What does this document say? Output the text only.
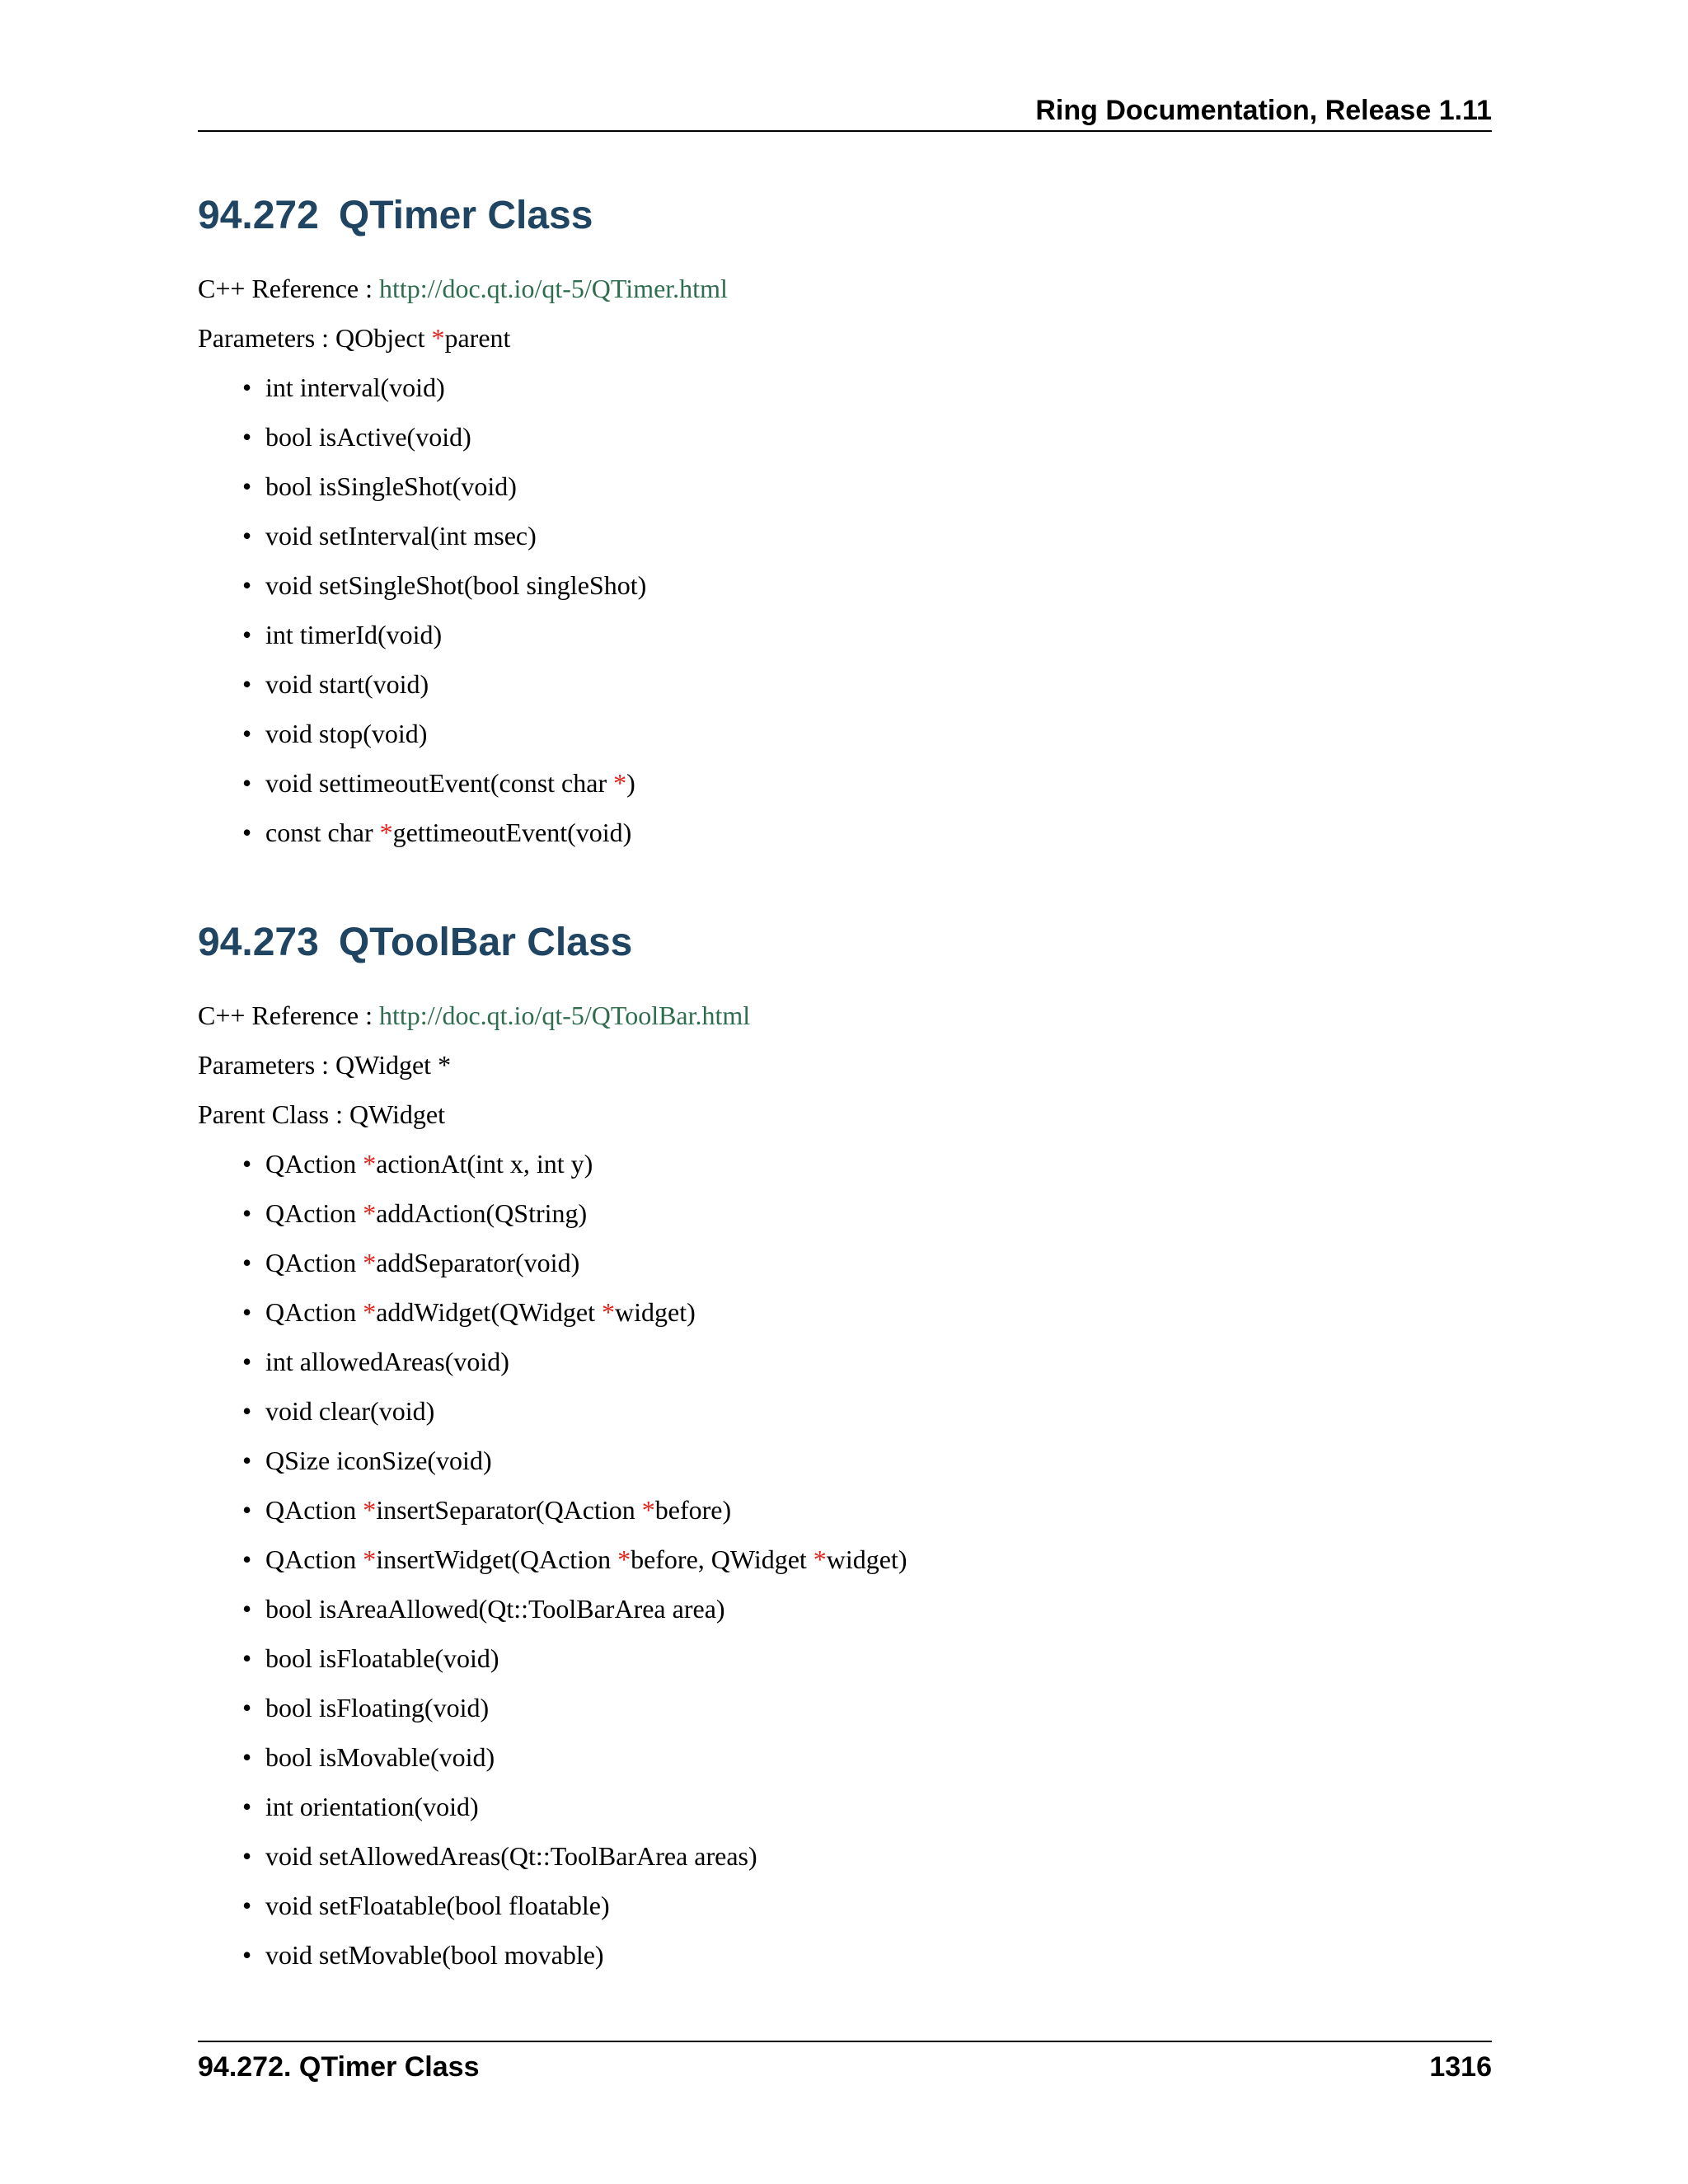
Ring Documentation, Release 1.11
94.272 QTimer Class

C++ Reference : http://doc.qt.io/qt-5/QTimer.html

Parameters : QObject *parent

• int interval(void)
• bool isActive(void)
• bool isSingleShot(void)
• void setInterval(int msec)
• void setSingleShot(bool singleShot)
• int timerId(void)
• void start(void)
• void stop(void)
• void settimeoutEvent(const char *)
• const char *gettimeoutEvent(void)
94.273 QToolBar Class

C++ Reference : http://doc.qt.io/qt-5/QToolBar.html

Parameters : QWidget *

Parent Class : QWidget

• QAction *actionAt(int x, int y)
• QAction *addAction(QString)
• QAction *addSeparator(void)
• QAction *addWidget(QWidget *widget)
• int allowedAreas(void)
• void clear(void)
• QSize iconSize(void)
• QAction *insertSeparator(QAction *before)
• QAction *insertWidget(QAction *before, QWidget *widget)
• bool isAreaAllowed(Qt::ToolBarArea area)
• bool isFloatable(void)
• bool isFloating(void)
• bool isMovable(void)
• int orientation(void)
• void setAllowedAreas(Qt::ToolBarArea areas)
• void setFloatable(bool floatable)
• void setMovable(bool movable)
94.272. QTimer Class	1316
